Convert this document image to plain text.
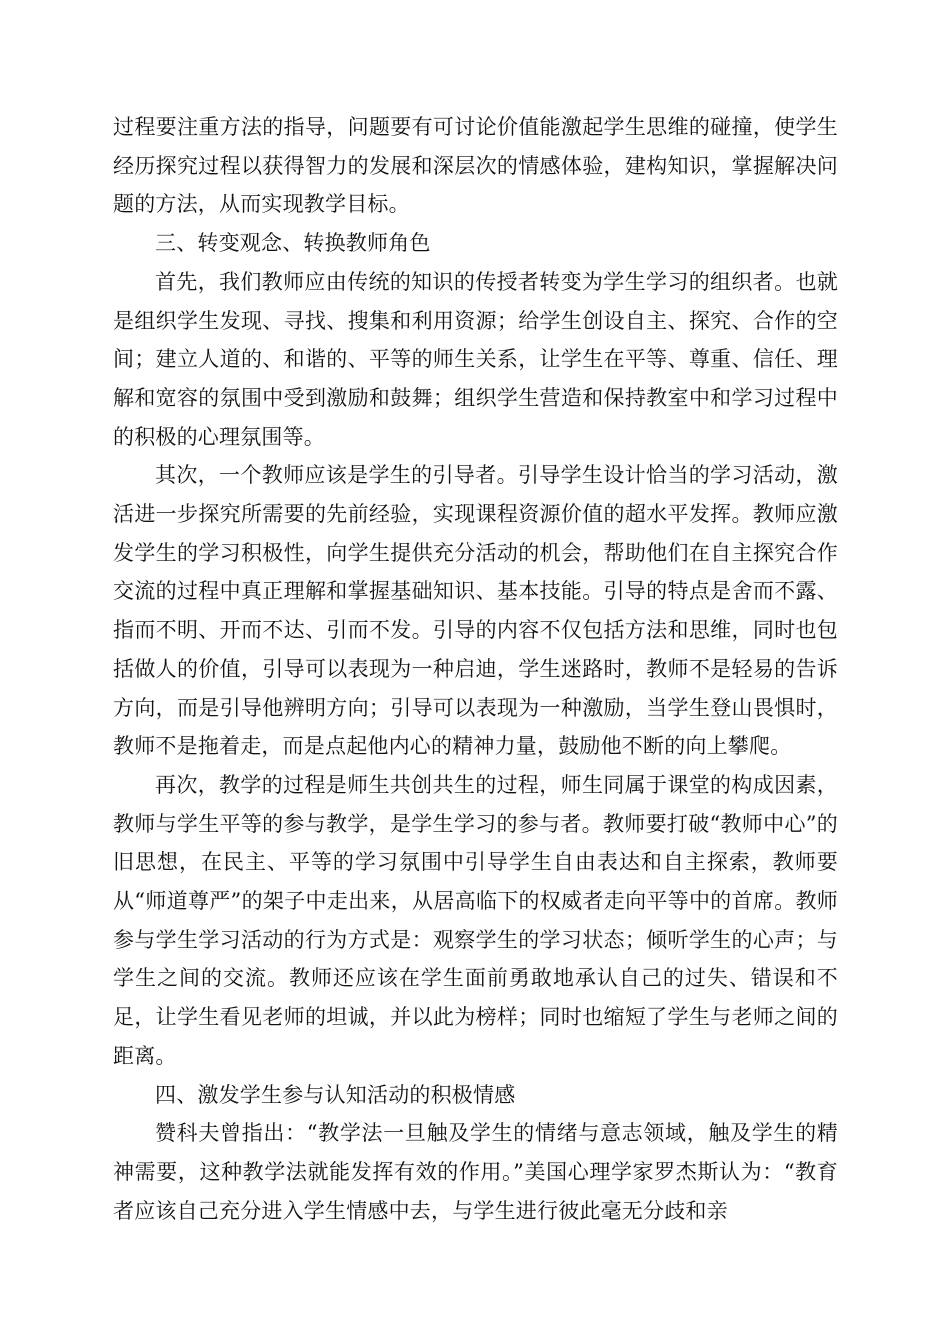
过程要注重方法的指导，问题要有可讨论价值能激起学生思维的碰撞，使学生经历探究过程以获得智力的发展和深层次的情感体验，建构知识，掌握解决问题的方法，从而实现教学目标。

三、转变观念、转换教师角色

首先，我们教师应由传统的知识的传授者转变为学生学习的组织者。也就是组织学生发现、寻找、搜集和利用资源；给学生创设自主、探究、合作的空间；建立人道的、和谐的、平等的师生关系，让学生在平等、尊重、信任、理解和宽容的氛围中受到激励和鼓舞；组织学生营造和保持教室中和学习过程中的积极的心理氛围等。

其次，一个教师应该是学生的引导者。引导学生设计恰当的学习活动，激活进一步探究所需要的先前经验，实现课程资源价值的超水平发挥。教师应激发学生的学习积极性，向学生提供充分活动的机会，帮助他们在自主探究合作交流的过程中真正理解和掌握基础知识、基本技能。引导的特点是舍而不露、指而不明、开而不达、引而不发。引导的内容不仅包括方法和思维，同时也包括做人的价值，引导可以表现为一种启迪，学生迷路时，教师不是轻易的告诉方向，而是引导他辨明方向；引导可以表现为一种激励，当学生登山畏惧时，教师不是拖着走，而是点起他内心的精神力量，鼓励他不断的向上攀爬。

再次，教学的过程是师生共创共生的过程，师生同属于课堂的构成因素，教师与学生平等的参与教学，是学生学习的参与者。教师要打破“教师中心”的旧思想，在民主、平等的学习氛围中引导学生自由表达和自主探索，教师要从“师道尊严”的架子中走出来，从居高临下的权威者走向平等中的首席。教师参与学生学习活动的行为方式是：观察学生的学习状态；倾听学生的心声；与学生之间的交流。教师还应该在学生面前勇敢地承认自己的过失、错误和不足，让学生看见老师的坦诚，并以此为榜样；同时也缩短了学生与老师之间的距离。

四、激发学生参与认知活动的积极情感

赞科夫曾指出：“教学法一旦触及学生的情绪与意志领域，触及学生的精神需要，这种教学法就能发挥有效的作用。”美国心理学家罗杰斯认为：“教育者应该自己充分进入学生情感中去，与学生进行彼此毫无分歧和亲
